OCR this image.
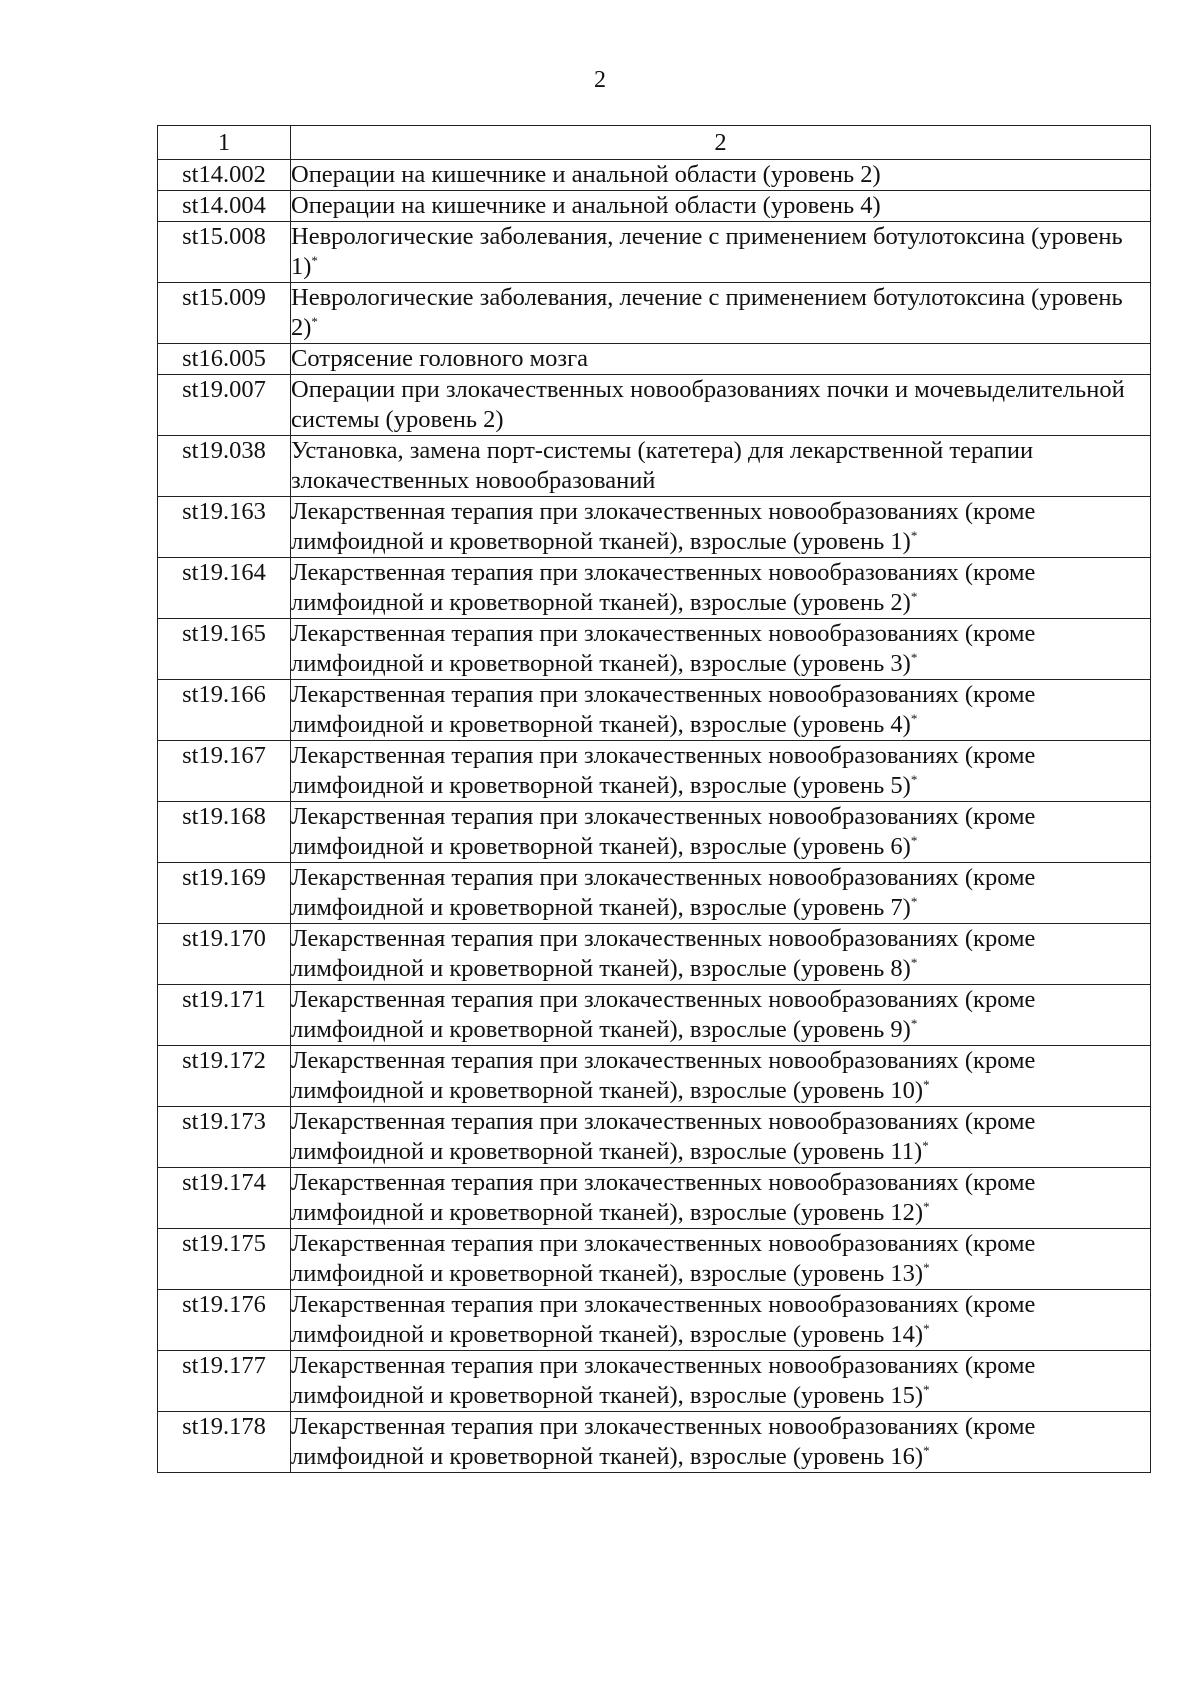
2
1	2
st14.002	Операции на кишечнике и анальной области (уровень 2)
st14.004	Операции на кишечнике и анальной области (уровень 4)
st15.008	Неврологические заболевания, лечение с применением ботулотоксина (уровень 1)*
st15.009	Неврологические заболевания, лечение с применением ботулотоксина (уровень 2)*
st16.005	Сотрясение головного мозга
st19.007	Операции при злокачественных новообразованиях почки и мочевыделительной системы (уровень 2)
st19.038	Установка, замена порт-системы (катетера) для лекарственной терапии злокачественных новообразований
st19.163	Лекарственная терапия при злокачественных новообразованиях (кроме лимфоидной и кроветворной тканей), взрослые (уровень 1)*
st19.164	Лекарственная терапия при злокачественных новообразованиях (кроме лимфоидной и кроветворной тканей), взрослые (уровень 2)*
st19.165	Лекарственная терапия при злокачественных новообразованиях (кроме лимфоидной и кроветворной тканей), взрослые (уровень 3)*
st19.166	Лекарственная терапия при злокачественных новообразованиях (кроме лимфоидной и кроветворной тканей), взрослые (уровень 4)*
st19.167	Лекарственная терапия при злокачественных новообразованиях (кроме лимфоидной и кроветворной тканей), взрослые (уровень 5)*
st19.168	Лекарственная терапия при злокачественных новообразованиях (кроме лимфоидной и кроветворной тканей), взрослые (уровень 6)*
st19.169	Лекарственная терапия при злокачественных новообразованиях (кроме лимфоидной и кроветворной тканей), взрослые (уровень 7)*
st19.170	Лекарственная терапия при злокачественных новообразованиях (кроме лимфоидной и кроветворной тканей), взрослые (уровень 8)*
st19.171	Лекарственная терапия при злокачественных новообразованиях (кроме лимфоидной и кроветворной тканей), взрослые (уровень 9)*
st19.172	Лекарственная терапия при злокачественных новообразованиях (кроме лимфоидной и кроветворной тканей), взрослые (уровень 10)*
st19.173	Лекарственная терапия при злокачественных новообразованиях (кроме лимфоидной и кроветворной тканей), взрослые (уровень 11)*
st19.174	Лекарственная терапия при злокачественных новообразованиях (кроме лимфоидной и кроветворной тканей), взрослые (уровень 12)*
st19.175	Лекарственная терапия при злокачественных новообразованиях (кроме лимфоидной и кроветворной тканей), взрослые (уровень 13)*
st19.176	Лекарственная терапия при злокачественных новообразованиях (кроме лимфоидной и кроветворной тканей), взрослые (уровень 14)*
st19.177	Лекарственная терапия при злокачественных новообразованиях (кроме лимфоидной и кроветворной тканей), взрослые (уровень 15)*
st19.178	Лекарственная терапия при злокачественных новообразованиях (кроме лимфоидной и кроветворной тканей), взрослые (уровень 16)*
